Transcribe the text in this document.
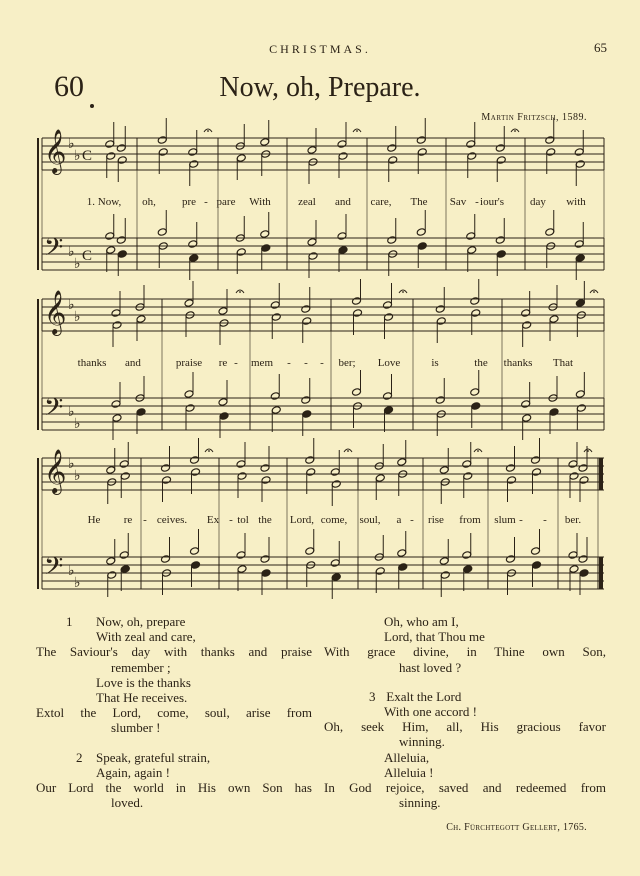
CHRISTMAS.	65
60	Now, oh, Prepare.
Martin Fritzsch, 1589.
𝄞
𝄢
♭
♭
♭
♭
C
C
𝄞
𝄢
♭
♭
♭
♭
𝄞
𝄢
♭
♭
♭
♭
1. Now, oh, pre - pare With zeal and care, The Sav - iour's day with
thanks and	praise re - mem - - - ber; Love	is	the thanks That
He re - ceives. Ex - tol the Lord, come, soul, a - rise from slum - - ber.
1 Now, oh, prepare
With zeal and care,
The Saviour's day with thanks and praise
remember ;
Love is the thanks
That He receives.
Extol the Lord, come, soul, arise from
slumber !
2 Speak, grateful strain,
Again, again !
Our Lord the world in His own Son has
loved.
Oh, who am I,
Lord, that Thou me
With grace divine, in Thine own Son,
hast loved ?
3 Exalt the Lord
With one accord !
Oh, seek Him, all, His gracious favor
winning.
Alleluia,
Alleluia !
In God rejoice, saved and redeemed from
sinning.
Ch. Fürchtegott Gellert, 1765.
